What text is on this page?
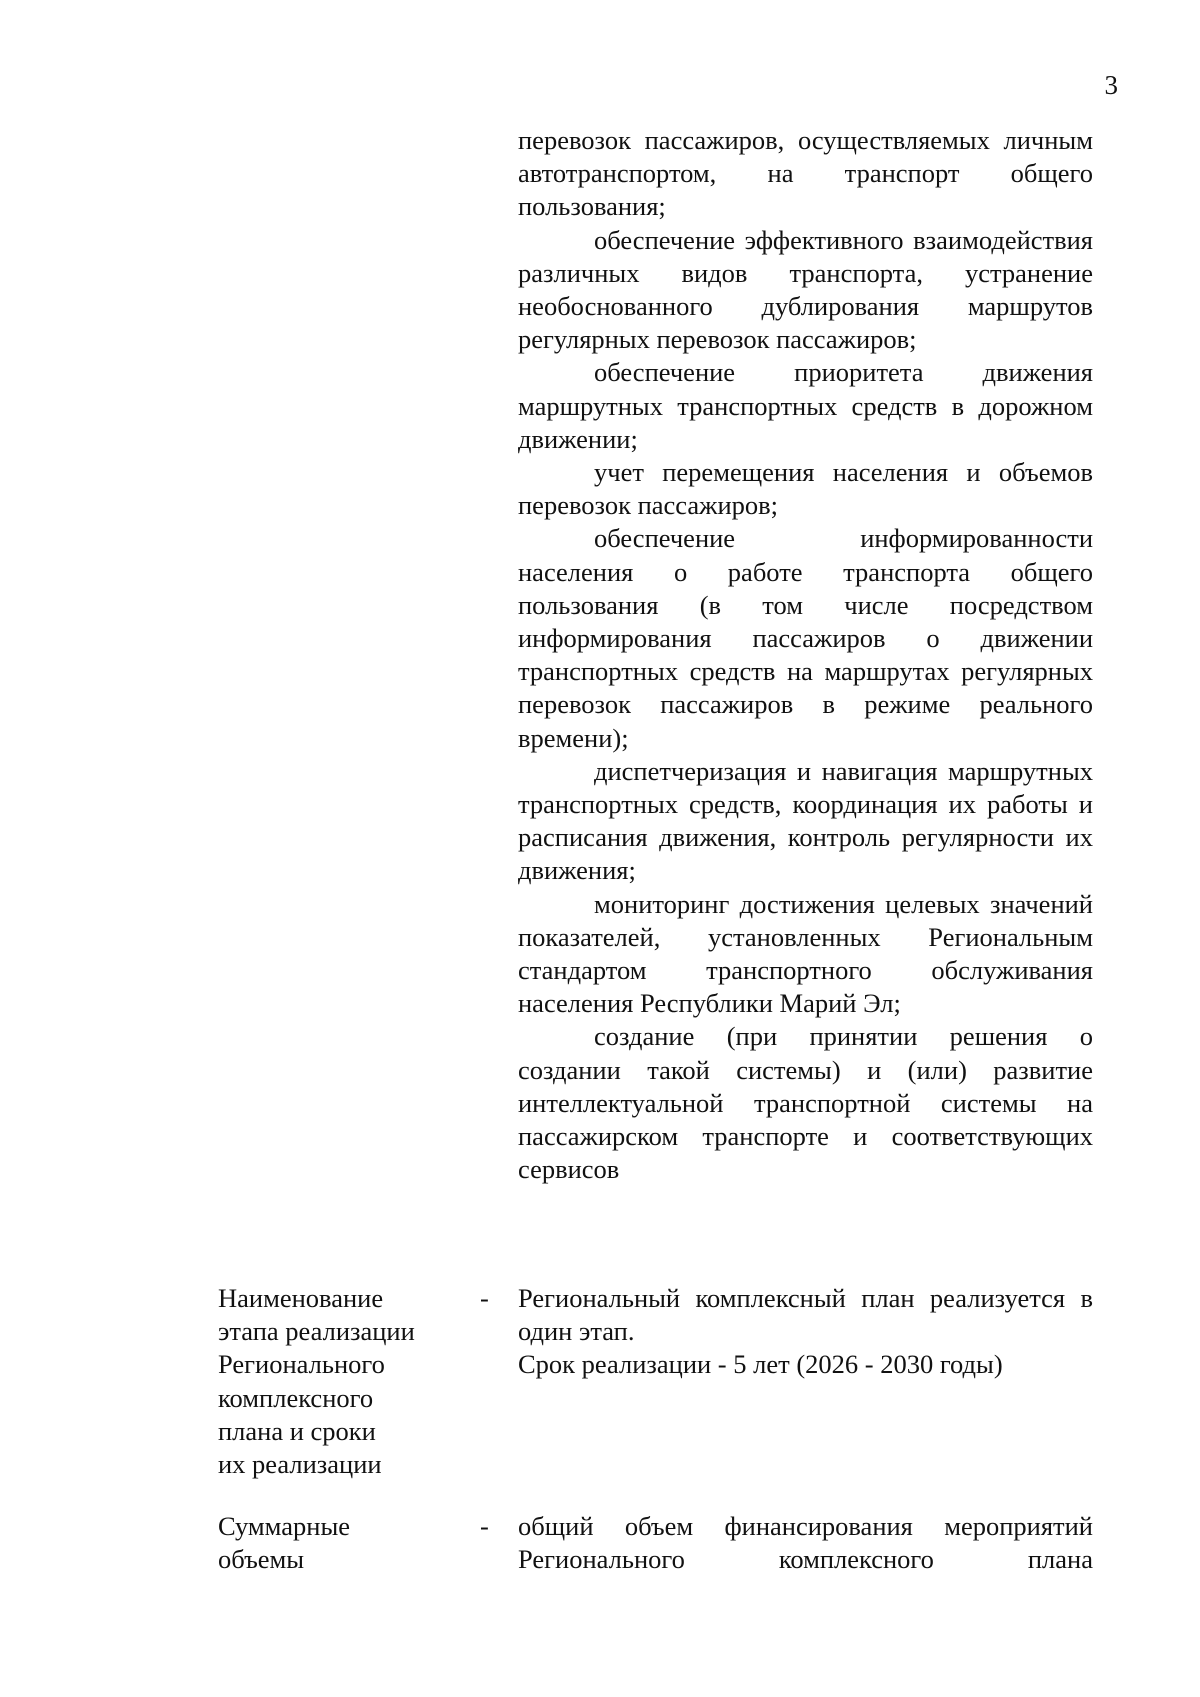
3

перевозок пассажиров, осуществляемых личным автотранспортом, на транспорт общего пользования;

обеспечение эффективного взаимодействия различных видов транспорта, устранение необоснованного дублирования маршрутов регулярных перевозок пассажиров;

обеспечение приоритета движения маршрутных транспортных средств в дорожном движении;

учет перемещения населения и объемов перевозок пассажиров;

обеспечение информированности населения о работе транспорта общего пользования (в том числе посредством информирования пассажиров о движении транспортных средств на маршрутах регулярных перевозок пассажиров в режиме реального времени);

диспетчеризация и навигация маршрутных транспортных средств, координация их работы и расписания движения, контроль регулярности их движения;

мониторинг достижения целевых значений показателей, установленных Региональным стандартом транспортного обслуживания населения Республики Марий Эл;

создание (при принятии решения о создании такой системы) и (или) развитие интеллектуальной транспортной системы на пассажирском транспорте и соответствующих сервисов

Наименование
этапа реализации
Регионального
комплексного
плана и сроки
их реализации
- Региональный комплексный план реализуется в один этап.

Срок реализации - 5 лет (2026 - 2030 годы)

Суммарные
объемы
- общий объем финансирования мероприятий Регионального комплексного плана
